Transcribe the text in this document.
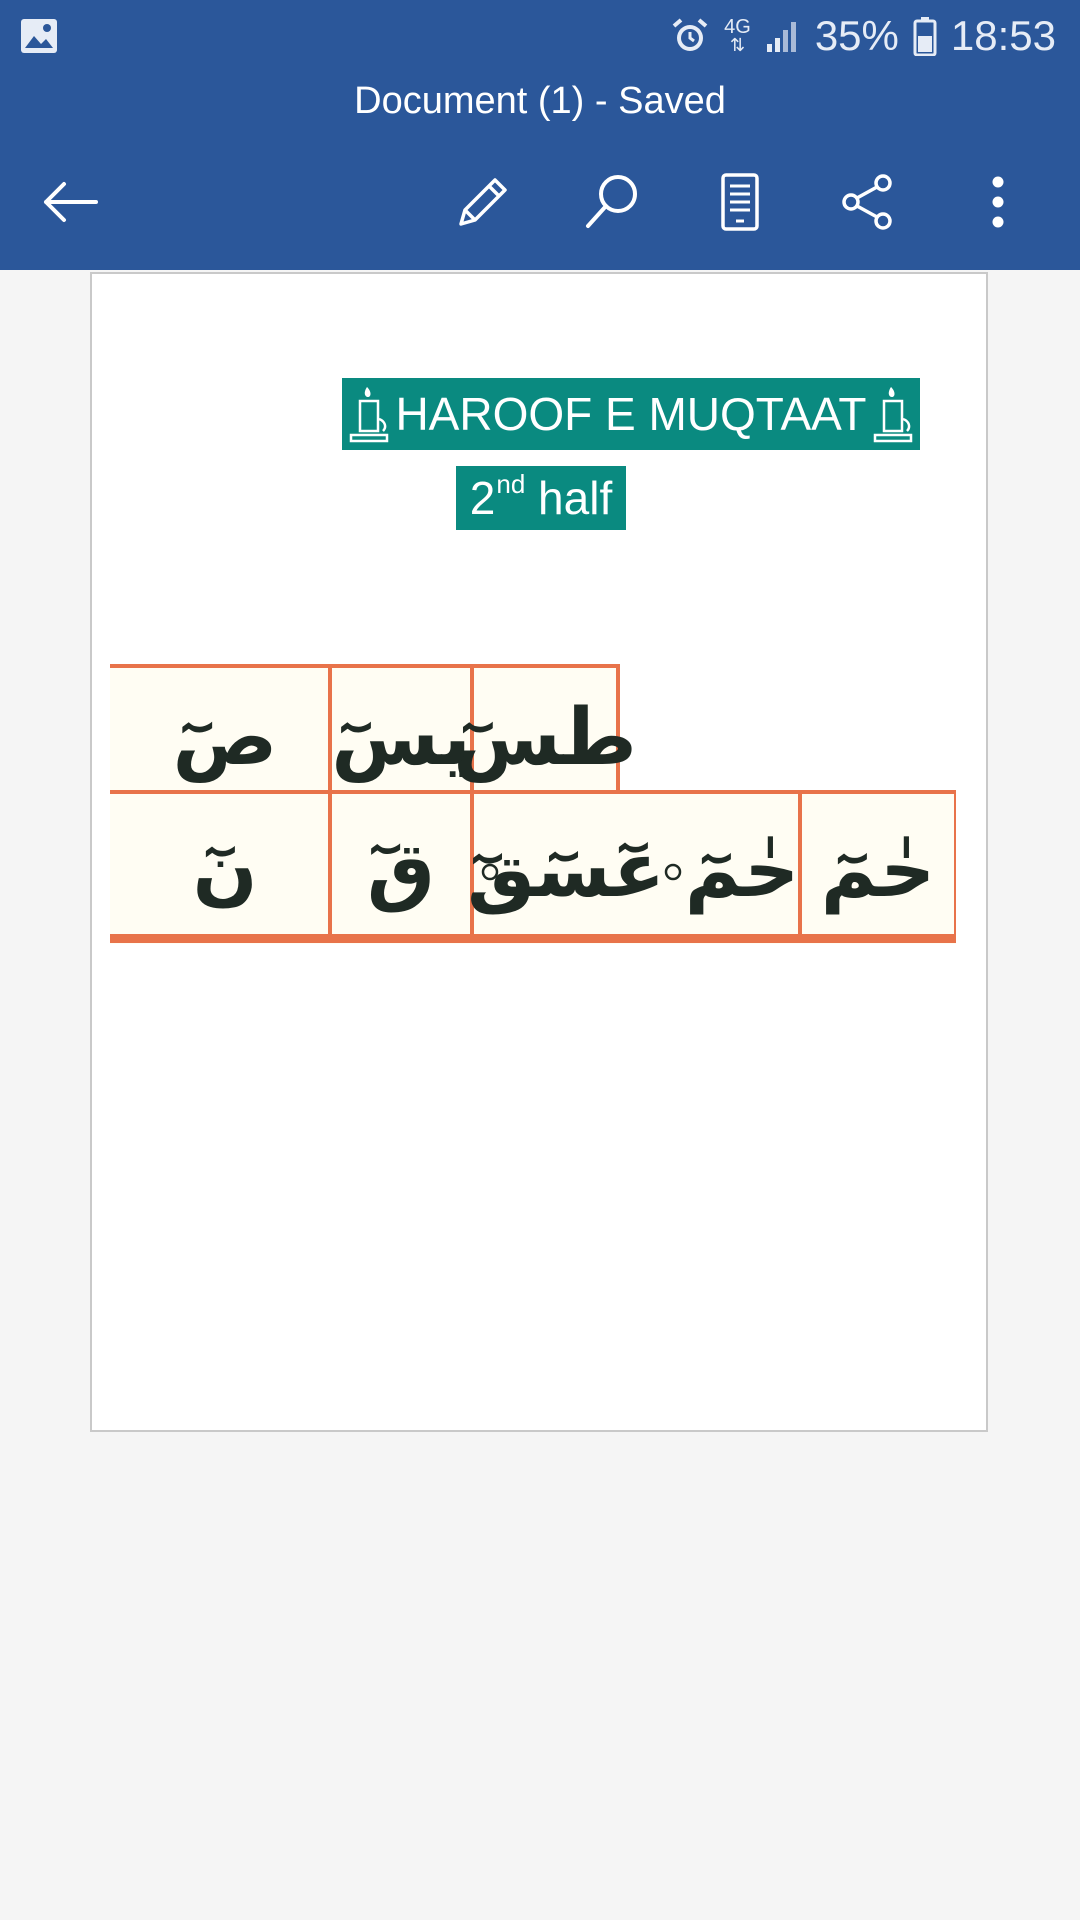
4G
⇅ 35% 18:53
Document (1) - Saved
HAROOF E MUQTAAT
2nd half
طسٓ
يسٓ
صٓ
حٰمٓ
حٰمٓ
عٓسٓقٓ
قٓ
نٓ
